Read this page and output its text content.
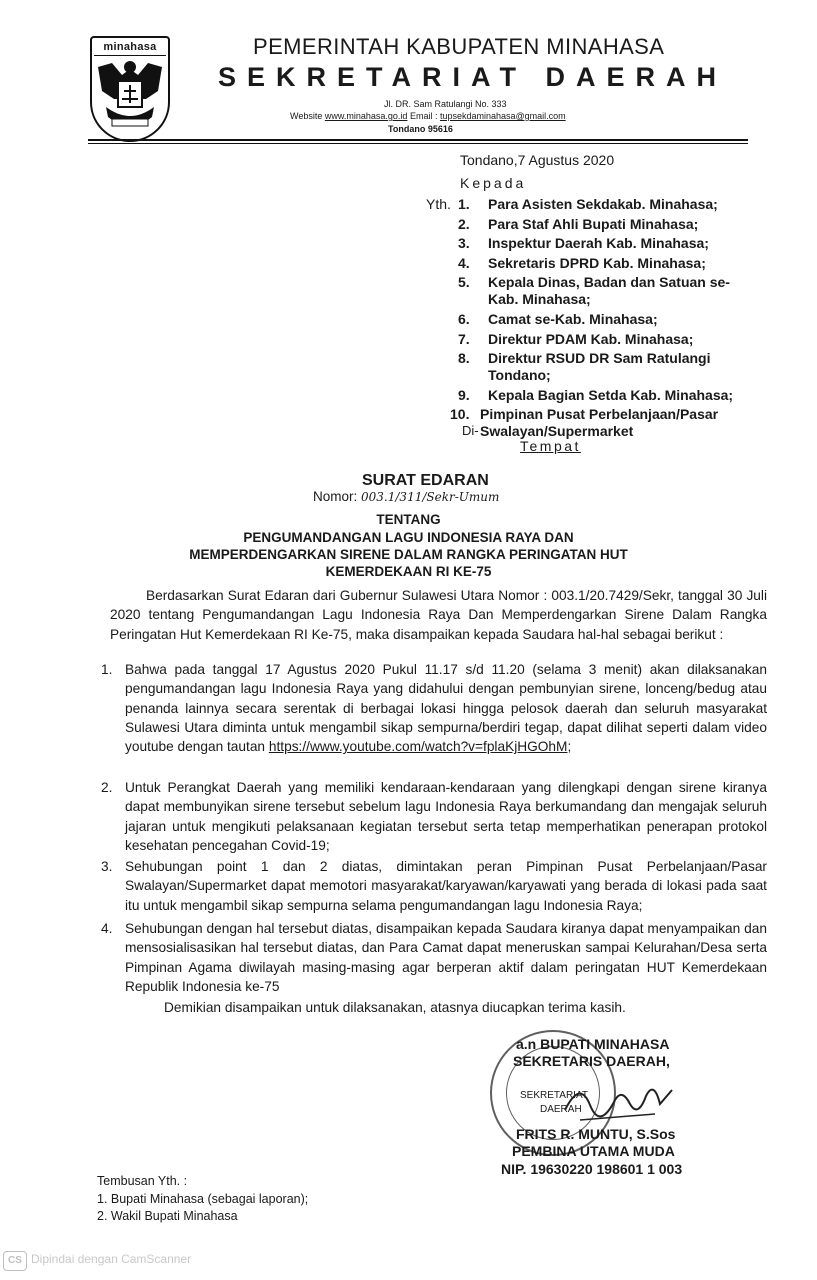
minahasa	PEMERINTAH KABUPATEN MINAHASA
SEKRETARIAT DAERAH
Jl. DR. Sam Ratulangi No. 333
Website www.minahasa.go.id Email : tupsekdaminahasa@gmail.com
Tondano 95616
Tondano,7 Agustus 2020
Kepada
Yth. 1. Para Asisten Sekdakab. Minahasa;
2. Para Staf Ahli Bupati Minahasa;
3. Inspektur Daerah Kab. Minahasa;
4. Sekretaris DPRD Kab. Minahasa;
5. Kepala Dinas, Badan dan Satuan se-
Kab. Minahasa;
6. Camat se-Kab. Minahasa;
7. Direktur PDAM Kab. Minahasa;
8. Direktur RSUD DR Sam Ratulangi
Tondano;
9. Kepala Bagian Setda Kab. Minahasa;
10. Pimpinan Pusat Perbelanjaan/Pasar
Swalayan/Supermarket
Di-
Tempat
SURAT EDARAN
Nomor: 003.1/311/Sekr-Umum
TENTANG
PENGUMANDANGAN LAGU INDONESIA RAYA DAN
MEMPERDENGARKAN SIRENE DALAM RANGKA PERINGATAN HUT
KEMERDEKAAN RI KE-75
Berdasarkan Surat Edaran dari Gubernur Sulawesi Utara Nomor : 003.1/20.7429/Sekr, tanggal 30 Juli 2020 tentang Pengumandangan Lagu Indonesia Raya Dan Memperdengarkan Sirene Dalam Rangka Peringatan Hut Kemerdekaan RI Ke-75, maka disampaikan kepada Saudara hal-hal sebagai berikut :
1. Bahwa pada tanggal 17 Agustus 2020 Pukul 11.17 s/d 11.20 (selama 3 menit) akan dilaksanakan pengumandangan lagu Indonesia Raya yang didahului dengan pembunyian sirene, lonceng/bedug atau penanda lainnya secara serentak di berbagai lokasi hingga pelosok daerah dan seluruh masyarakat Sulawesi Utara diminta untuk mengambil sikap sempurna/berdiri tegap, dapat dilihat seperti dalam video youtube dengan tautan https://www.youtube.com/watch?v=fplaKjHGOhM;
2. Untuk Perangkat Daerah yang memiliki kendaraan-kendaraan yang dilengkapi dengan sirene kiranya dapat membunyikan sirene tersebut sebelum lagu Indonesia Raya berkumandang dan mengajak seluruh jajaran untuk mengikuti pelaksanaan kegiatan tersebut serta tetap memperhatikan penerapan protokol kesehatan pencegahan Covid-19;
3. Sehubungan point 1 dan 2 diatas, dimintakan peran Pimpinan Pusat Perbelanjaan/Pasar Swalayan/Supermarket dapat memotori masyarakat/karyawan/karyawati yang berada di lokasi pada saat itu untuk mengambil sikap sempurna selama pengumandangan lagu Indonesia Raya;
4. Sehubungan dengan hal tersebut diatas, disampaikan kepada Saudara kiranya dapat menyampaikan dan mensosialisasikan hal tersebut diatas, dan Para Camat dapat meneruskan sampai Kelurahan/Desa serta Pimpinan Agama diwilayah masing-masing agar berperan aktif dalam peringatan HUT Kemerdekaan Republik Indonesia ke-75
Demikian disampaikan untuk dilaksanakan, atasnya diucapkan terima kasih.
a.n BUPATI MINAHASA
SEKRETARIS DAERAH,
SEKRETARIAT
DAERAH
FRITS R. MUNTU, S.Sos
PEMBINA UTAMA MUDA
NIP. 19630220 198601 1 003
Tembusan Yth. :
1. Bupati Minahasa (sebagai laporan);
2. Wakil Bupati Minahasa
CS Dipindai dengan CamScanner
